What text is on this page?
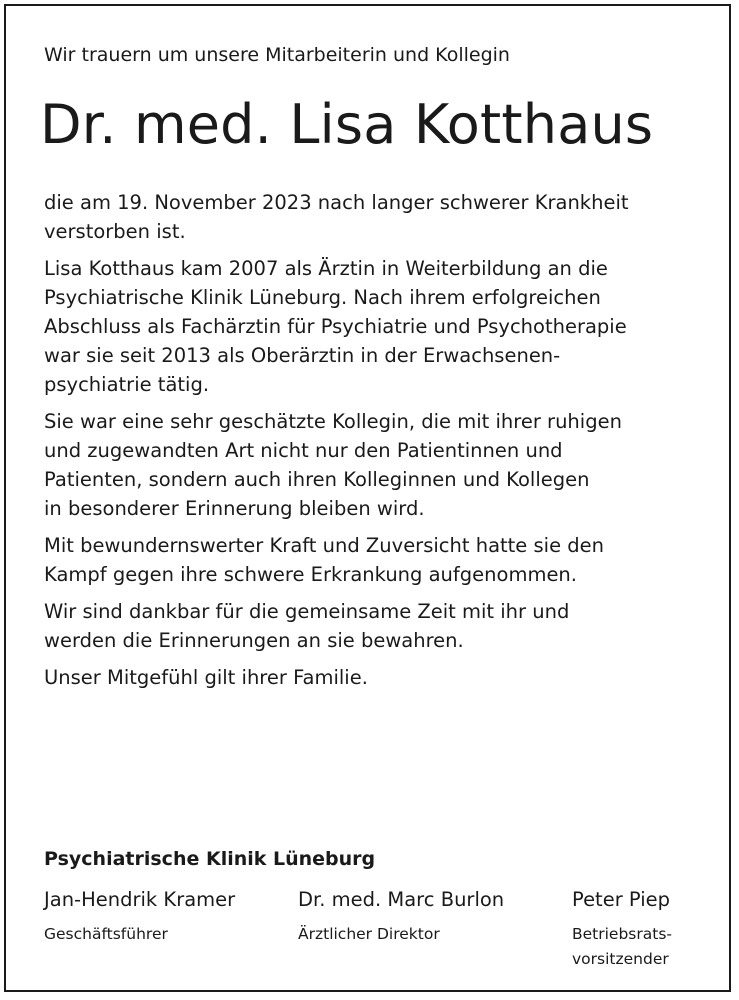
Wir trauern um unsere Mitarbeiterin und Kollegin
Dr. med. Lisa Kotthaus

die am 19. November 2023 nach langer schwerer Krankheit
verstorben ist.

Lisa Kotthaus kam 2007 als Ärztin in Weiterbildung an die
Psychiatrische Klinik Lüneburg. Nach ihrem erfolgreichen
Abschluss als Fachärztin für Psychiatrie und Psychotherapie
war sie seit 2013 als Oberärztin in der Erwachsenen-
psychiatrie tätig.

Sie war eine sehr geschätzte Kollegin, die mit ihrer ruhigen
und zugewandten Art nicht nur den Patientinnen und
Patienten, sondern auch ihren Kolleginnen und Kollegen
in besonderer Erinnerung bleiben wird.

Mit bewundernswerter Kraft und Zuversicht hatte sie den
Kampf gegen ihre schwere Erkrankung aufgenommen.

Wir sind dankbar für die gemeinsame Zeit mit ihr und
werden die Erinnerungen an sie bewahren.

Unser Mitgefühl gilt ihrer Familie.

Psychiatrische Klinik Lüneburg
Jan-Hendrik Kramer
Geschäftsführer
Dr. med. Marc Burlon
Ärztlicher Direktor
Peter Piep
Betriebsrats-
vorsitzender
